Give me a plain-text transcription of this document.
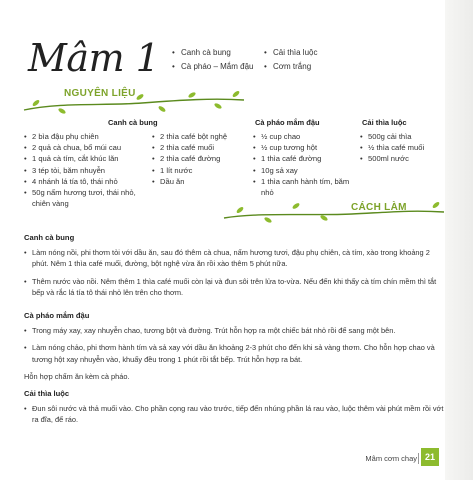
Mâm 1
•	Canh cà bung
• Cà pháo – Mắm đậu
• Cải thìa luộc
• Cơm trắng
NGUYÊN LIỆU
Canh cà bung
• 2 bìa đậu phụ chiên
• 2 quả cà chua, bổ múi cau
• 1 quả cà tím, cắt khúc lăn
• 3 tép tỏi, băm nhuyễn
• 4 nhánh lá tía tô, thái nhỏ
• 50g nấm hương tươi, thái nhỏ, chiên vàng
• 2 thìa café bột nghệ
• 2 thìa café muối
• 2 thìa café đường
• 1 lít nước
• Dầu ăn
Cà pháo mắm đậu
• ½ cup chao
• ½ cup tương hột
• 1 thìa café đường
• 10g sả xay
• 1 thìa canh hành tím, băm nhỏ
Cải thìa luộc
• 500g cải thìa
• ½ thìa café muối
• 500ml nước
CÁCH LÀM
Canh cà bung

• Làm nóng nồi, phi thơm tỏi với dầu ăn, sau đó thêm cà chua, nấm hương tươi, đậu phụ chiên, cà tím, xào trong khoảng 2 phút. Nêm 1 thìa café muối, đường, bột nghệ vừa ăn rồi xào thêm 5 phút nữa.

• Thêm nước vào nồi. Nêm thêm 1 thìa café muối còn lại và đun sôi trên lửa to-vừa. Nếu đến khi thấy cà tím chín mềm thì tắt bếp và rắc lá tía tô thái nhỏ lên trên cho thơm.

Cà pháo mắm đậu

• Trong máy xay, xay nhuyễn chao, tương bột và đường. Trút hỗn hợp ra một chiếc bát nhỏ rồi để sang một bên.

• Làm nóng chảo, phi thơm hành tím và sả xay với dầu ăn khoảng 2-3 phút cho đến khi sả vàng thơm. Cho hỗn hợp chao và tương hột xay nhuyễn vào, khuấy đều trong 1 phút rồi tắt bếp. Trút hỗn hợp ra bát.

Hỗn hợp chấm ăn kèm cà pháo.

Cải thìa luộc

• Đun sôi nước và thả muối vào. Cho phần cọng rau vào trước, tiếp đến nhúng phần lá rau vào, luộc thêm vài phút mềm rồi vớt ra đĩa, để ráo.

Mâm cơm chay 21
